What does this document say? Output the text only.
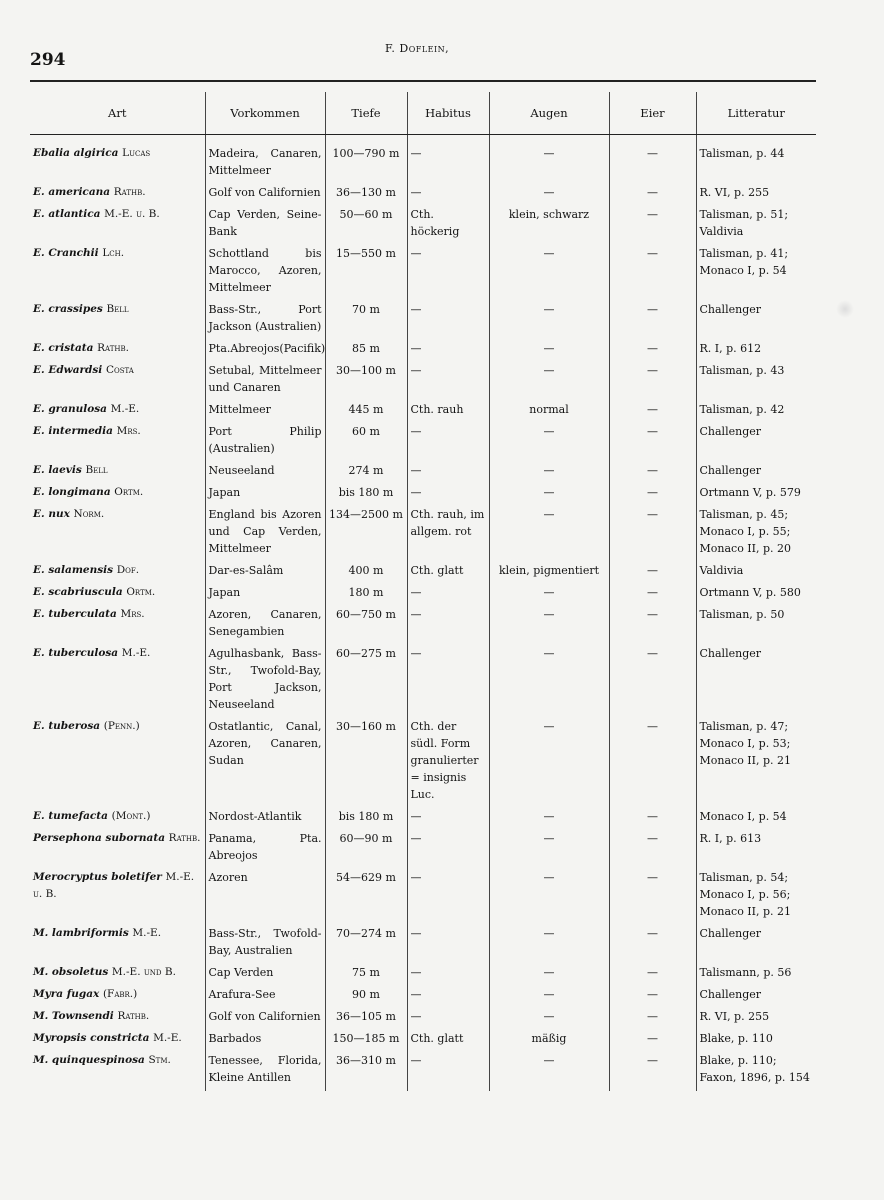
294
F. Doflein,
Art	Vorkommen	Tiefe	Habitus	Augen	Eier	Litteratur

Ebalia algirica Lucas	Madeira, Canaren, Mittelmeer	100—790 m	—	—	—	Talisman, p. 44
E. americana Rathb.	Golf von Californien	36—130 m	—	—	—	R. VI, p. 255
E. atlantica M.-E. u. B.	Cap Verden, Seine-Bank	50—60 m	Cth. höckerig	klein, schwarz	—	Talisman, p. 51; Valdivia
E. Cranchii Lch.	Schottland bis Marocco, Azoren, Mittelmeer	15—550 m	—	—	—	Talisman, p. 41; Monaco I, p. 54
E. crassipes Bell	Bass-Str., Port Jackson (Australien)	70 m	—	—	—	Challenger
E. cristata Rathb.	Pta.Abreojos(Pacifik)	85 m	—	—	—	R. I, p. 612
E. Edwardsi Costa	Setubal, Mittelmeer und Canaren	30—100 m	—	—	—	Talisman, p. 43
E. granulosa M.-E.	Mittelmeer	445 m	Cth. rauh	normal	—	Talisman, p. 42
E. intermedia Mrs.	Port Philip (Australien)	60 m	—	—	—	Challenger
E. laevis Bell	Neuseeland	274 m	—	—	—	Challenger
E. longimana Ortm.	Japan	bis 180 m	—	—	—	Ortmann V, p. 579
E. nux Norm.	England bis Azoren und Cap Verden, Mittelmeer	134—2500 m	Cth. rauh, im allgem. rot	—	—	Talisman, p. 45; Monaco I, p. 55; Monaco II, p. 20
E. salamensis Dof.	Dar-es-Salâm	400 m	Cth. glatt	klein, pigmentiert	—	Valdivia
E. scabriuscula Ortm.	Japan	180 m	—	—	—	Ortmann V, p. 580
E. tuberculata Mrs.	Azoren, Canaren, Senegambien	60—750 m	—	—	—	Talisman, p. 50
E. tuberculosa M.-E.	Agulhasbank, Bass-Str., Twofold-Bay, Port Jackson, Neuseeland	60—275 m	—	—	—	Challenger
E. tuberosa (Penn.)	Ostatlantic, Canal, Azoren, Canaren, Sudan	30—160 m	Cth. der südl. Form granulierter = insignis Luc.	—	—	Talisman, p. 47; Monaco I, p. 53; Monaco II, p. 21
E. tumefacta (Mont.)	Nordost-Atlantik	bis 180 m	—	—	—	Monaco I, p. 54
Persephona subornata Rathb.	Panama, Pta. Abreojos	60—90 m	—	—	—	R. I, p. 613
Merocryptus boletifer M.-E. u. B.	Azoren	54—629 m	—	—	—	Talisman, p. 54; Monaco I, p. 56; Monaco II, p. 21
M. lambriformis M.-E.	Bass-Str., Twofold-Bay, Australien	70—274 m	—	—	—	Challenger
M. obsoletus M.-E. und B.	Cap Verden	75 m	—	—	—	Talismann, p. 56
Myra fugax (Fabr.)	Arafura-See	90 m	—	—	—	Challenger
M. Townsendi Rathb.	Golf von Californien	36—105 m	—	—	—	R. VI, p. 255
Myropsis constricta M.-E.	Barbados	150—185 m	Cth. glatt	mäßig	—	Blake, p. 110
M. quinquespinosa Stm.	Tenessee, Florida, Kleine Antillen	36—310 m	—	—	—	Blake, p. 110; Faxon, 1896, p. 154
